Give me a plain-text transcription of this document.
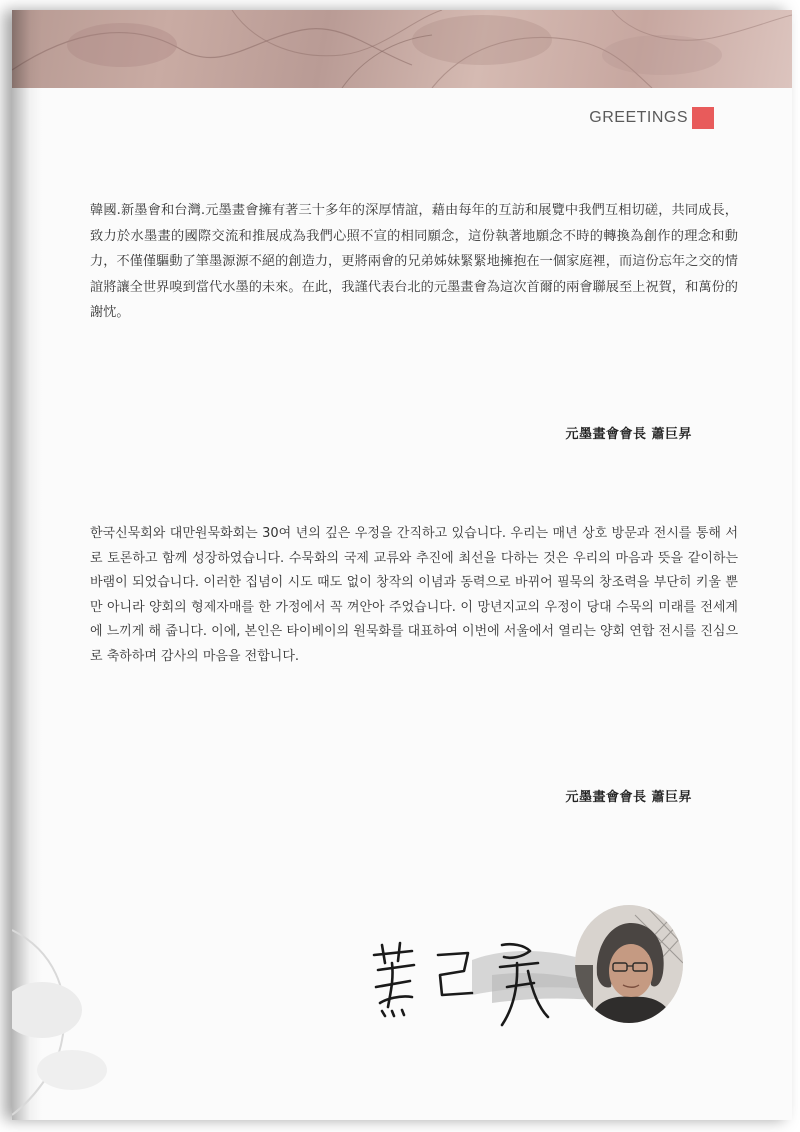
GREETINGS

韓國.新墨會和台灣.元墨畫會擁有著三十多年的深厚情誼，藉由每年的互訪和展覽中我們互相切磋，共同成長，致力於水墨畫的國際交流和推展成為我們心照不宣的相同願念，這份執著地願念不時的轉換為創作的理念和動力，不僅僅驅動了筆墨源源不絕的創造力，更將兩會的兄弟姊妹緊緊地擁抱在一個家庭裡，而這份忘年之交的情誼將讓全世界嗅到當代水墨的未來。在此，我謹代表台北的元墨畫會為這次首爾的兩會聯展至上祝賀，和萬份的謝忱。

元墨畫會會長 蕭巨昇

한국신묵회와 대만원묵화회는 30여 년의 깊은 우정을 간직하고 있습니다. 우리는 매년 상호 방문과 전시를 통해 서로 토론하고 함께 성장하였습니다. 수묵화의 국제 교류와 추진에 최선을 다하는 것은 우리의 마음과 뜻을 같이하는 바램이 되었습니다. 이러한 집념이 시도 때도 없이 창작의 이념과 동력으로 바뀌어 필묵의 창조력을 부단히 키울 뿐만 아니라 양회의 형제자매를 한 가정에서 꼭 껴안아 주었습니다. 이 망년지교의 우정이 당대 수묵의 미래를 전세계에 느끼게 해 줍니다. 이에, 본인은 타이베이의 원묵화를 대표하여 이번에 서울에서 열리는 양회 연합 전시를 진심으로 축하하며 감사의 마음을 전합니다.

元墨畫會會長 蕭巨昇
